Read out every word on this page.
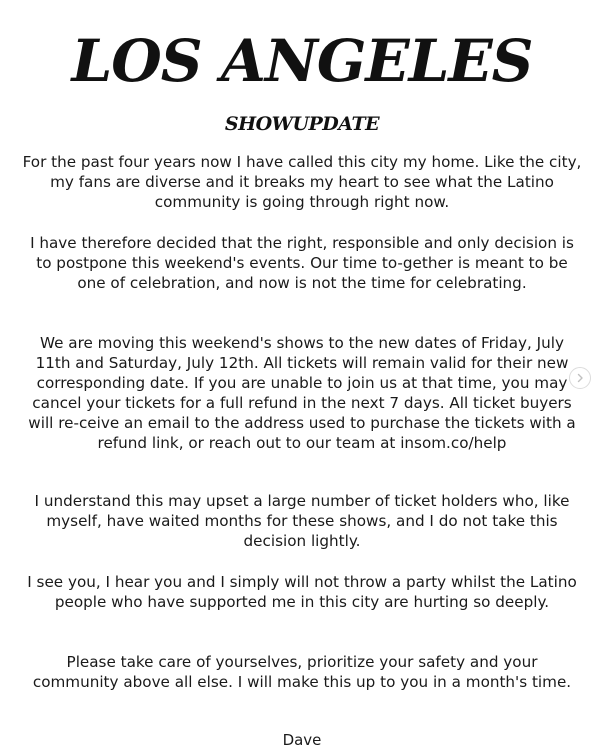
LOS ANGELES
SHOWUPDATE

For the past four years now I have called this city my home. Like the city, my fans are diverse and it breaks my heart to see what the Latino community is going through right now.

I have therefore decided that the right, responsible and only decision is to postpone this weekend's events. Our time to-gether is meant to be one of celebration, and now is not the time for celebrating.

We are moving this weekend's shows to the new dates of Friday, July 11th and Saturday, July 12th. All tickets will remain valid for their new corresponding date. If you are unable to join us at that time, you may cancel your tickets for a full refund in the next 7 days. All ticket buyers will re-ceive an email to the address used to purchase the tickets with a refund link, or reach out to our team at insom.co/help

I understand this may upset a large number of ticket holders who, like myself, have waited months for these shows, and I do not take this decision lightly.

I see you, I hear you and I simply will not throw a party whilst the Latino people who have supported me in this city are hurting so deeply.

Please take care of yourselves, prioritize your safety and your community above all else. I will make this up to you in a month's time.

Dave
